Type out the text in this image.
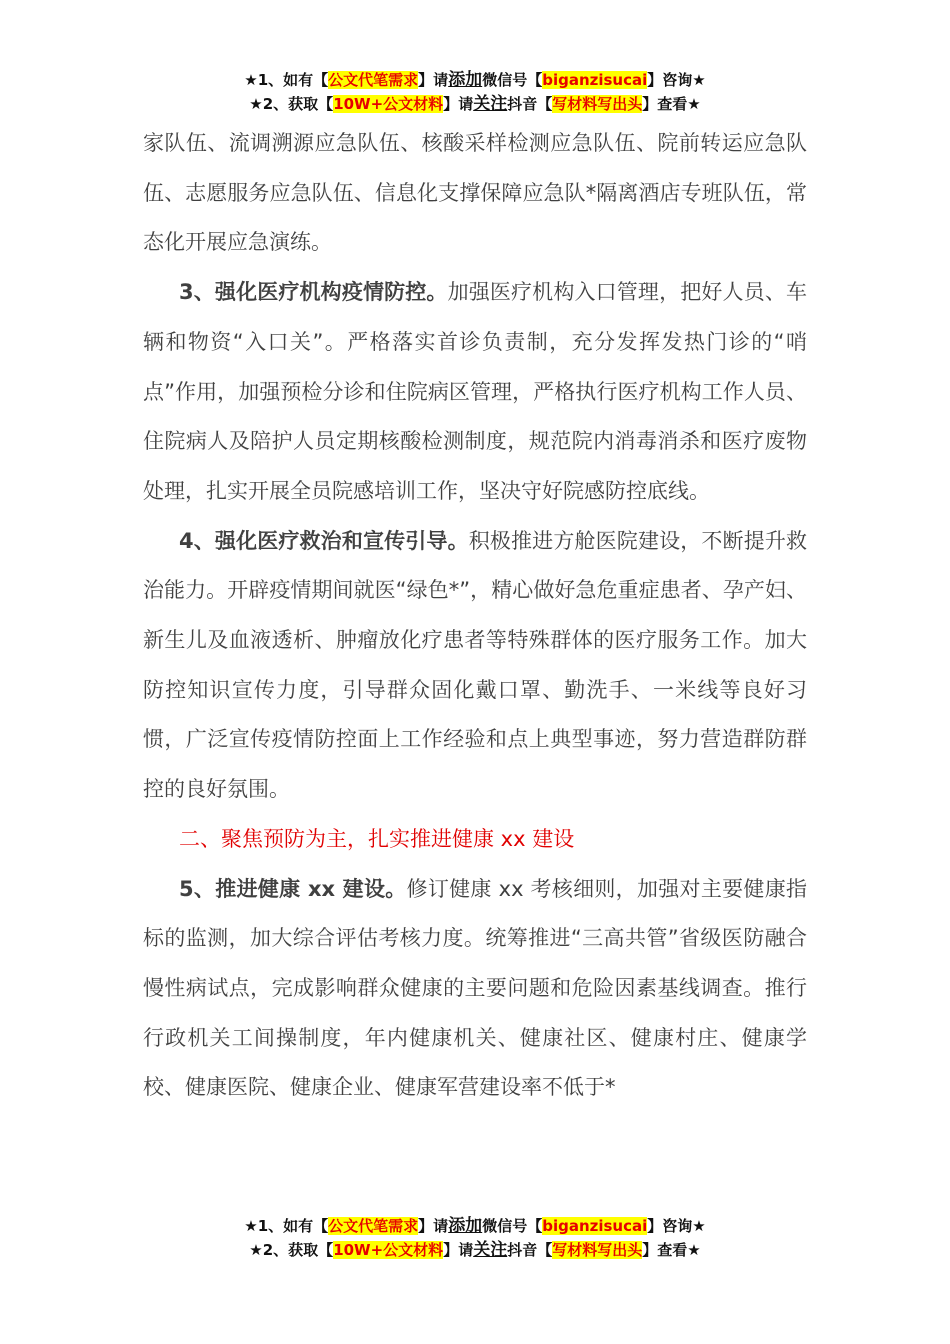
★1、如有【公文代笔需求】请添加微信号【biganzisucai】咨询★
★2、获取【10W+公文材料】请关注抖音【写材料写出头】查看★

家队伍、流调溯源应急队伍、核酸采样检测应急队伍、院前转运应急队伍、志愿服务应急队伍、信息化支撑保障应急队*隔离酒店专班队伍，常态化开展应急演练。

3、强化医疗机构疫情防控。加强医疗机构入口管理，把好人员、车辆和物资“入口关”。严格落实首诊负责制，充分发挥发热门诊的“哨点”作用，加强预检分诊和住院病区管理，严格执行医疗机构工作人员、住院病人及陪护人员定期核酸检测制度，规范院内消毒消杀和医疗废物处理，扎实开展全员院感培训工作，坚决守好院感防控底线。

4、强化医疗救治和宣传引导。积极推进方舱医院建设，不断提升救治能力。开辟疫情期间就医“绿色*”，精心做好急危重症患者、孕产妇、新生儿及血液透析、肿瘤放化疗患者等特殊群体的医疗服务工作。加大防控知识宣传力度，引导群众固化戴口罩、勤洗手、一米线等良好习惯，广泛宣传疫情防控面上工作经验和点上典型事迹，努力营造群防群控的良好氛围。

二、聚焦预防为主，扎实推进健康 xx 建设

5、推进健康 xx 建设。修订健康 xx 考核细则，加强对主要健康指标的监测，加大综合评估考核力度。统筹推进“三高共管”省级医防融合慢性病试点，完成影响群众健康的主要问题和危险因素基线调查。推行行政机关工间操制度，年内健康机关、健康社区、健康村庄、健康学校、健康医院、健康企业、健康军营建设率不低于*

★1、如有【公文代笔需求】请添加微信号【biganzisucai】咨询★
★2、获取【10W+公文材料】请关注抖音【写材料写出头】查看★
